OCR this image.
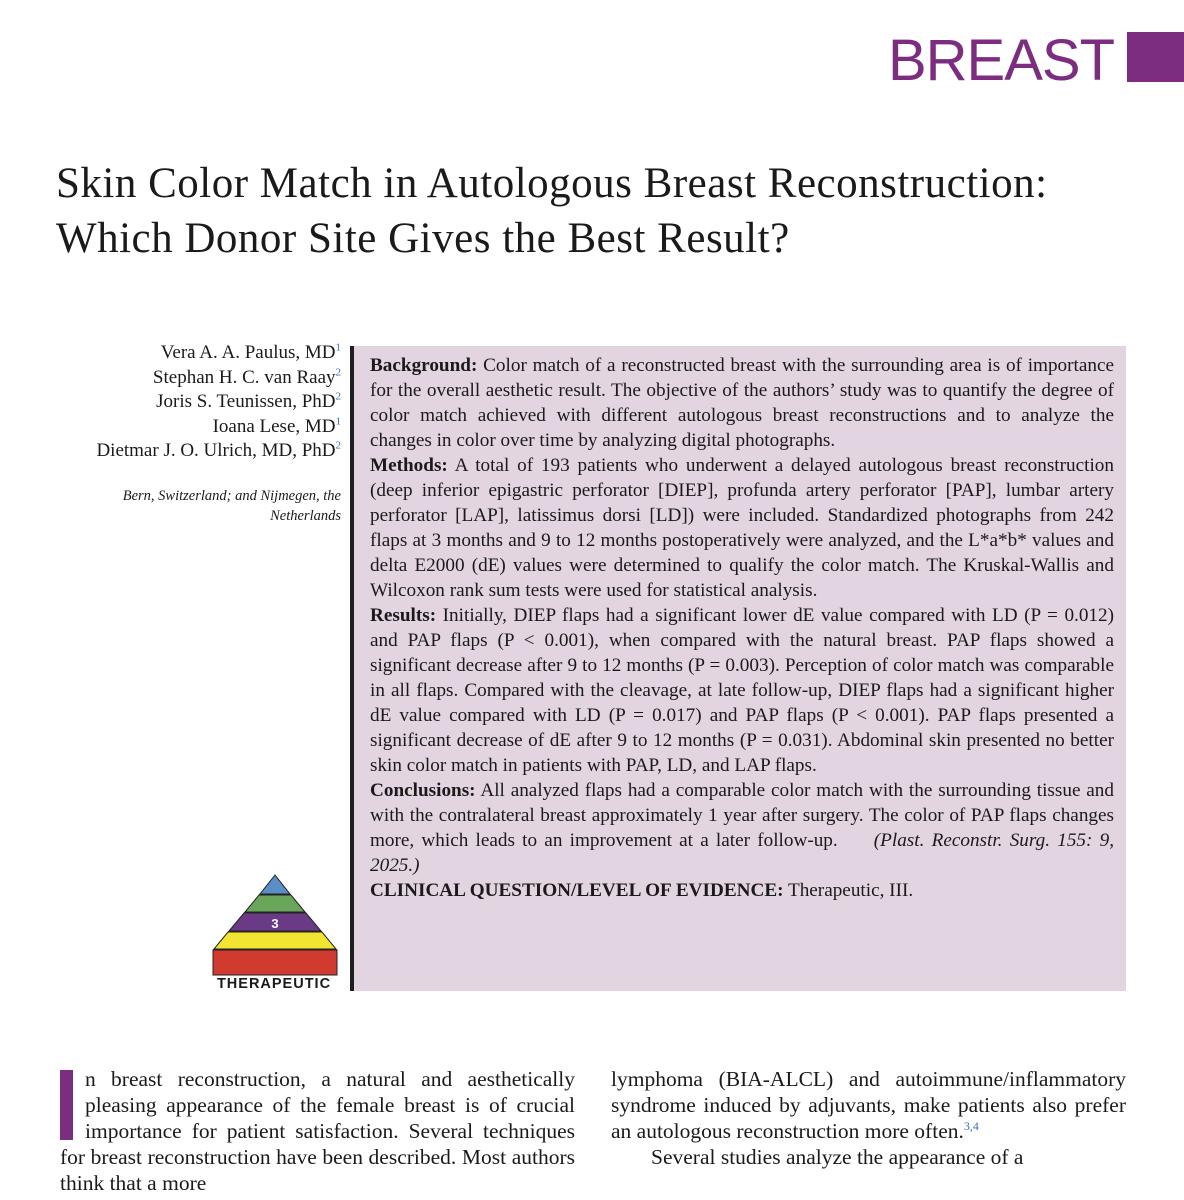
BREAST
Skin Color Match in Autologous Breast Reconstruction: Which Donor Site Gives the Best Result?
Vera A. A. Paulus, $MD^1$
Stephan H. C. van Raay$^2$
Joris S. Teunissen, PhD$^2$
Ioana Lese, $MD^1$
Dietmar J. O. Ulrich, MD, PhD$^2$
Bern, Switzerland; and Nijmegen, the Netherlands

Background: Color match of a reconstructed breast with the surrounding area is of importance for the overall aesthetic result. The objective of the authors’ study was to quantify the degree of color match achieved with different autologous breast reconstructions and to analyze the changes in color over time by analyzing digital photographs.

Methods: A total of 193 patients who underwent a delayed autologous breast reconstruction (deep inferior epigastric perforator [DIEP], profunda artery perforator [PAP], lumbar artery perforator [LAP], latissimus dorsi [LD]) were included. Standardized photographs from 242 flaps at 3 months and 9 to 12 months postoperatively were analyzed, and the L*a*b* values and delta E2000 (dE) values were determined to qualify the color match. The Kruskal-Wallis and Wilcoxon rank sum tests were used for statistical analysis.

Results: Initially, DIEP flaps had a significant lower dE value compared with LD (P = 0.012) and PAP flaps (P < 0.001), when compared with the natural breast. PAP flaps showed a significant decrease after 9 to 12 months (P = 0.003). Perception of color match was comparable in all flaps. Compared with the cleavage, at late follow-up, DIEP flaps had a significant higher dE value compared with LD (P = 0.017) and PAP flaps (P < 0.001). PAP flaps presented a significant decrease of dE after 9 to 12 months (P = 0.031). Abdominal skin presented no better skin color match in patients with PAP, LD, and LAP flaps.

Conclusions: All analyzed flaps had a comparable color match with the surrounding tissue and with the contralateral breast approximately 1 year after surgery. The color of PAP flaps changes more, which leads to an improvement at a later follow-up. (Plast. Reconstr. Surg. 155: 9, 2025.)

CLINICAL QUESTION/LEVEL OF EVIDENCE: Therapeutic, III.

3
THERAPEUTIC

n breast reconstruction, a natural and aesthetically pleasing appearance of the female breast is of crucial importance for patient satisfaction. Several techniques for breast reconstruction have been described. Most authors think that a more

lymphoma (BIA-ALCL) and autoimmune/inflammatory syndrome induced by adjuvants, make patients also prefer an autologous reconstruction more often.$^{3,4}$

Several studies analyze the appearance of a
